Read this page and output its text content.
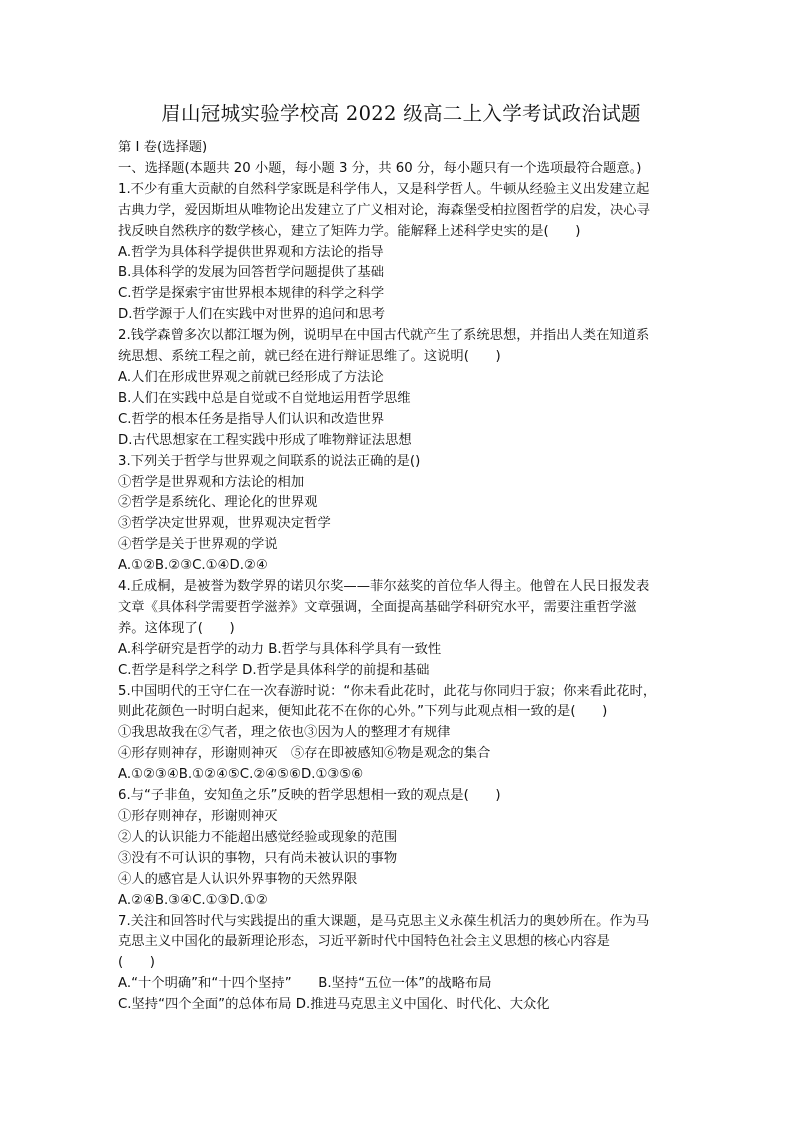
眉山冠城实验学校高 2022 级高二上入学考试政治试题
第 I 卷(选择题)
一、选择题(本题共 20 小题，每小题 3 分，共 60 分，每小题只有一个选项最符合题意。)
1.不少有重大贡献的自然科学家既是科学伟人，又是科学哲人。牛顿从经验主义出发建立起
古典力学，爱因斯坦从唯物论出发建立了广义相对论，海森堡受柏拉图哲学的启发，决心寻
找反映自然秩序的数学核心，建立了矩阵力学。能解释上述科学史实的是(　　)
A.哲学为具体科学提供世界观和方法论的指导
B.具体科学的发展为回答哲学问题提供了基础
C.哲学是探索宇宙世界根本规律的科学之科学
D.哲学源于人们在实践中对世界的追问和思考
2.钱学森曾多次以都江堰为例，说明早在中国古代就产生了系统思想，并指出人类在知道系
统思想、系统工程之前，就已经在进行辩证思维了。这说明(　　)
A.人们在形成世界观之前就已经形成了方法论
B.人们在实践中总是自觉或不自觉地运用哲学思维
C.哲学的根本任务是指导人们认识和改造世界
D.古代思想家在工程实践中形成了唯物辩证法思想
3.下列关于哲学与世界观之间联系的说法正确的是()
①哲学是世界观和方法论的相加
②哲学是系统化、理论化的世界观
③哲学决定世界观，世界观决定哲学
④哲学是关于世界观的学说
A.①②B.②③C.①④D.②④
4.丘成桐，是被誉为数学界的诺贝尔奖——菲尔兹奖的首位华人得主。他曾在人民日报发表
文章《具体科学需要哲学滋养》文章强调，全面提高基础学科研究水平，需要注重哲学滋
养。这体现了(　　)
A.科学研究是哲学的动力 B.哲学与具体科学具有一致性
C.哲学是科学之科学 D.哲学是具体科学的前提和基础
5.中国明代的王守仁在一次春游时说：“你未看此花时，此花与你同归于寂；你来看此花时，
则此花颜色一时明白起来，便知此花不在你的心外。”下列与此观点相一致的是(　　)
①我思故我在②气者，理之依也③因为人的整理才有规律
④形存则神存，形谢则神灭　⑤存在即被感知⑥物是观念的集合
A.①②③④B.①②④⑤C.②④⑤⑥D.①③⑤⑥
6.与“子非鱼，安知鱼之乐”反映的哲学思想相一致的观点是(　　)
①形存则神存，形谢则神灭
②人的认识能力不能超出感觉经验或现象的范围
③没有不可认识的事物，只有尚未被认识的事物
④人的感官是人认识外界事物的天然界限
A.②④B.③④C.①③D.①②
7.关注和回答时代与实践提出的重大课题，是马克思主义永葆生机活力的奥妙所在。作为马
克思主义中国化的最新理论形态，习近平新时代中国特色社会主义思想的核心内容是
(　　)
A.“十个明确”和“十四个坚持”　　B.坚持“五位一体”的战略布局
C.坚持“四个全面”的总体布局 D.推进马克思主义中国化、时代化、大众化
